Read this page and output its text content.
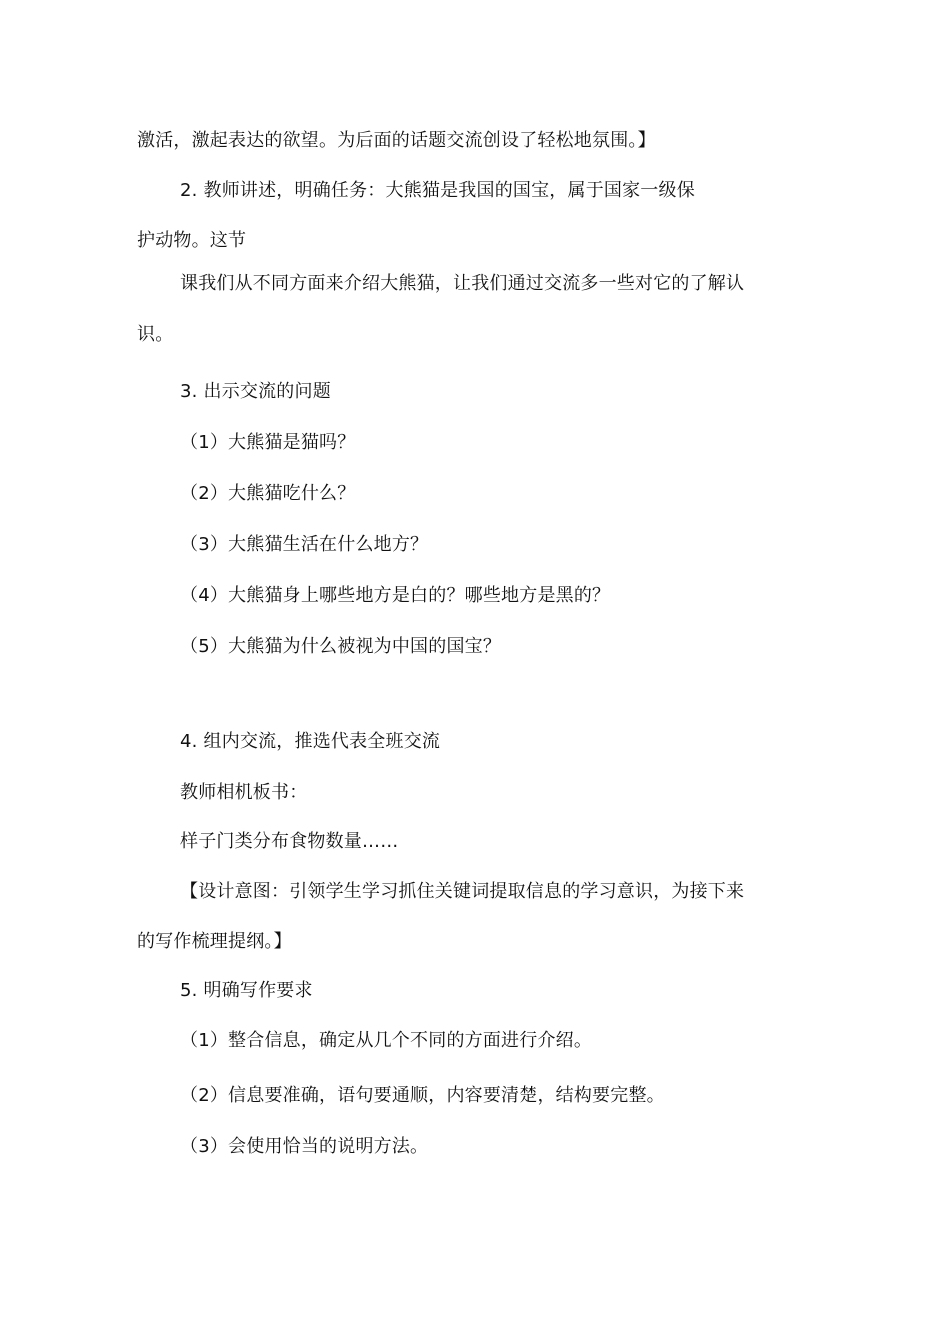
激活，激起表达的欲望。为后面的话题交流创设了轻松地氛围。】
2. 教师讲述，明确任务：大熊猫是我国的国宝，属于国家一级保
护动物。这节
课我们从不同方面来介绍大熊猫，让我们通过交流多一些对它的了解认
识。
3. 出示交流的问题
（1）大熊猫是猫吗？
（2）大熊猫吃什么？
（3）大熊猫生活在什么地方？
（4）大熊猫身上哪些地方是白的？哪些地方是黑的？
（5）大熊猫为什么被视为中国的国宝？
4. 组内交流，推选代表全班交流
教师相机板书：
样子门类分布食物数量……
【设计意图：引领学生学习抓住关键词提取信息的学习意识，为接下来
的写作梳理提纲。】
5. 明确写作要求
（1）整合信息，确定从几个不同的方面进行介绍。
（2）信息要准确，语句要通顺，内容要清楚，结构要完整。
（3）会使用恰当的说明方法。
